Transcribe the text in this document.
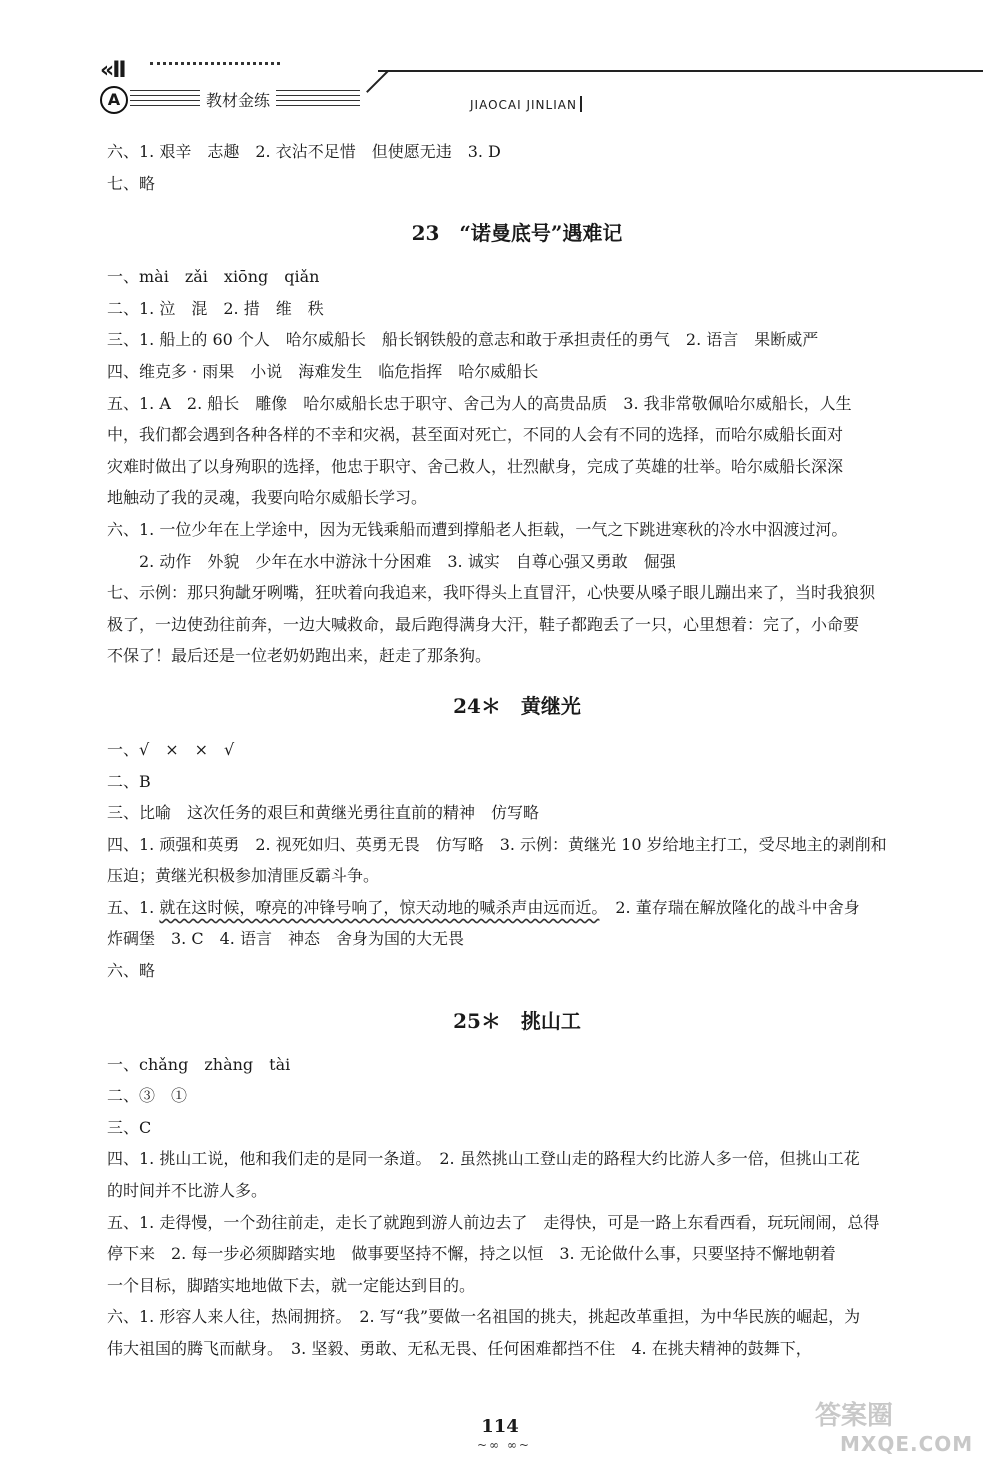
«II
A	教材金练	JIAOCAI JINLIAN
六、1. 艰辛　志趣　2. 衣沾不足惜　但使愿无违　3. D
七、略
23　“诺曼底号”遇难记
一、mài　zǎi　xiōng　qiǎn
二、1. 泣　混　2. 措　维　秩
三、1. 船上的 60 个人　哈尔威船长　船长钢铁般的意志和敢于承担责任的勇气　2. 语言　果断威严
四、维克多 · 雨果　小说　海难发生　临危指挥　哈尔威船长
五、1. A　2. 船长　雕像　哈尔威船长忠于职守、舍己为人的高贵品质　3. 我非常敬佩哈尔威船长，人生
中，我们都会遇到各种各样的不幸和灾祸，甚至面对死亡，不同的人会有不同的选择，而哈尔威船长面对
灾难时做出了以身殉职的选择，他忠于职守、舍己救人，壮烈献身，完成了英雄的壮举。哈尔威船长深深
地触动了我的灵魂，我要向哈尔威船长学习。
六、1. 一位少年在上学途中，因为无钱乘船而遭到撑船老人拒载，一气之下跳进寒秋的冷水中泅渡过河。
　　2. 动作　外貌　少年在水中游泳十分困难　3. 诚实　自尊心强又勇敢　倔强
七、示例：那只狗龇牙咧嘴，狂吠着向我追来，我吓得头上直冒汗，心快要从嗓子眼儿蹦出来了，当时我狼狈
极了，一边使劲往前奔，一边大喊救命，最后跑得满身大汗，鞋子都跑丢了一只，心里想着：完了，小命要
不保了！最后还是一位老奶奶跑出来，赶走了那条狗。
24＊　黄继光
一、√　×　×　√
二、B
三、比喻　这次任务的艰巨和黄继光勇往直前的精神　仿写略
四、1. 顽强和英勇　2. 视死如归、英勇无畏　仿写略　3. 示例：黄继光 10 岁给地主打工，受尽地主的剥削和
压迫；黄继光积极参加清匪反霸斗争。
五、1. 就在这时候，嘹亮的冲锋号响了，惊天动地的喊杀声由远而近。　2. 董存瑞在解放隆化的战斗中舍身
炸碉堡　3. C　4. 语言　神态　舍身为国的大无畏
六、略
25＊　挑山工
一、chǎng　zhàng　tài
二、③　①
三、C
四、1. 挑山工说，他和我们走的是同一条道。　2. 虽然挑山工登山走的路程大约比游人多一倍，但挑山工花
的时间并不比游人多。
五、1. 走得慢，一个劲往前走，走长了就跑到游人前边去了　走得快，可是一路上东看西看，玩玩闹闹，总得
停下来　2. 每一步必须脚踏实地　做事要坚持不懈，持之以恒　3. 无论做什么事，只要坚持不懈地朝着
一个目标，脚踏实地地做下去，就一定能达到目的。
六、1. 形容人来人往，热闹拥挤。　2. 写“我”要做一名祖国的挑夫，挑起改革重担，为中华民族的崛起，为
伟大祖国的腾飞而献身。　3. 坚毅、勇敢、无私无畏、任何困难都挡不住　4. 在挑夫精神的鼓舞下，
114
~∞ ∞~
答案圈
MXQE.COM
